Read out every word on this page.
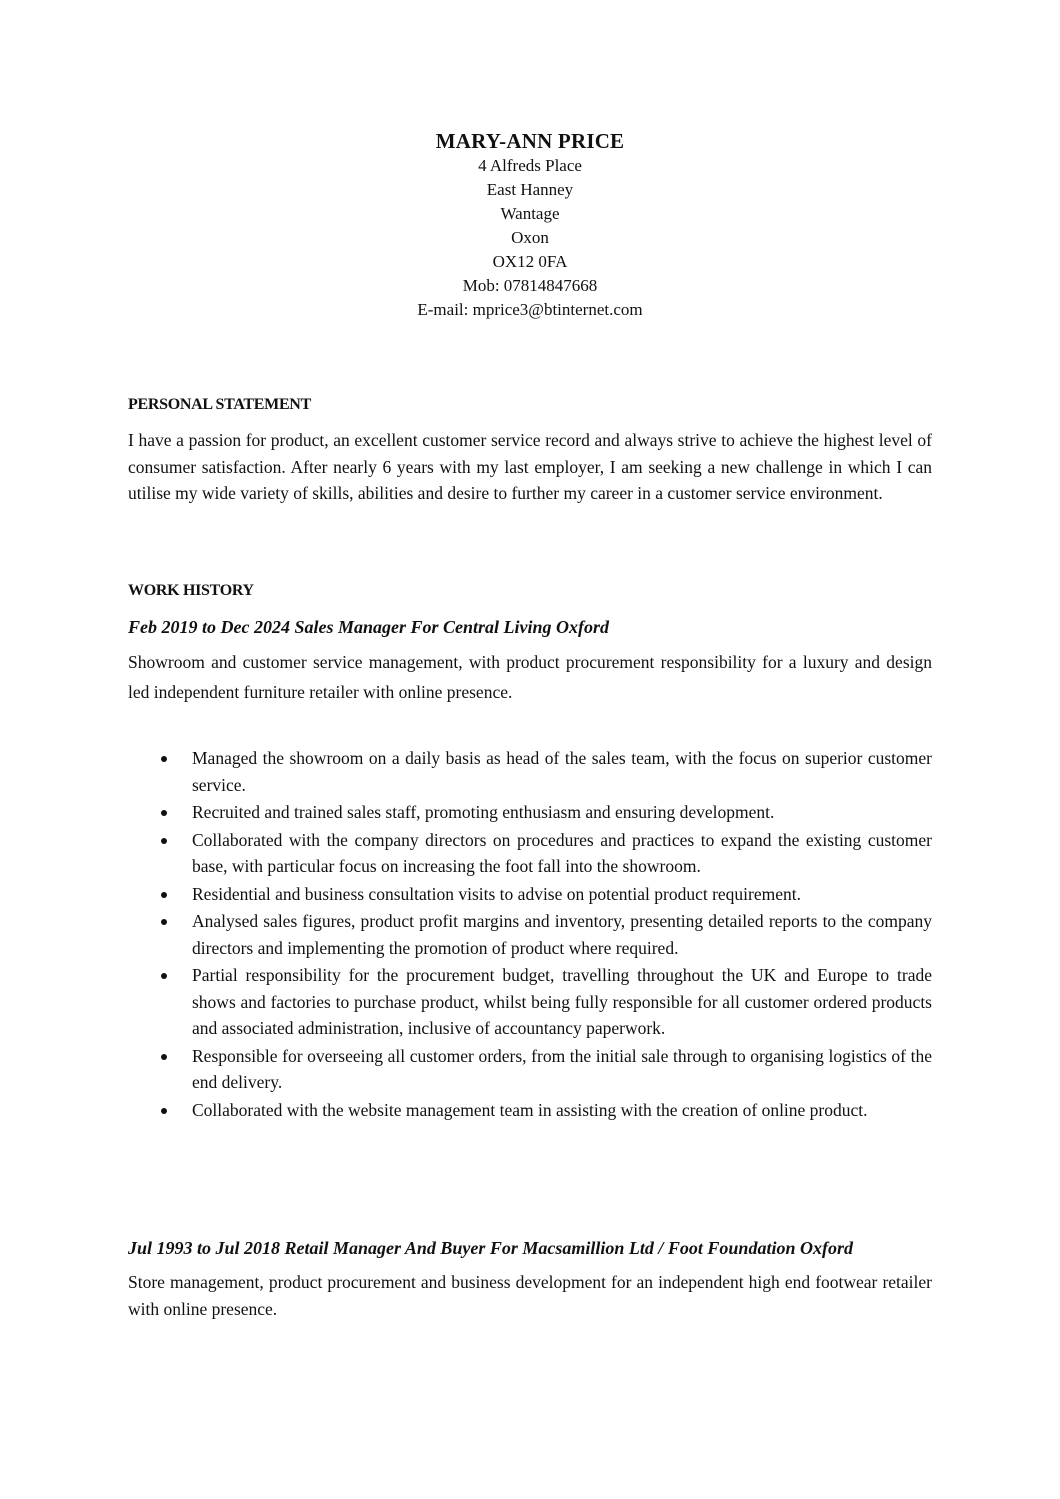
MARY-ANN PRICE
4 Alfreds Place
East Hanney
Wantage
Oxon
OX12 0FA
Mob: 07814847668
E-mail: mprice3@btinternet.com
PERSONAL STATEMENT

I have a passion for product, an excellent customer service record and always strive to achieve the highest level of consumer satisfaction. After nearly 6 years with my last employer, I am seeking a new challenge in which I can utilise my wide variety of skills, abilities and desire to further my career in a customer service environment.

WORK HISTORY
Feb 2019 to Dec 2024 Sales Manager For Central Living Oxford

Showroom and customer service management, with product procurement responsibility for a luxury and design led independent furniture retailer with online presence.

Managed the showroom on a daily basis as head of the sales team, with the focus on superior customer service.
Recruited and trained sales staff, promoting enthusiasm and ensuring development.
Collaborated with the company directors on procedures and practices to expand the existing customer base, with particular focus on increasing the foot fall into the showroom.
Residential and business consultation visits to advise on potential product requirement.
Analysed sales figures, product profit margins and inventory, presenting detailed reports to the company directors and implementing the promotion of product where required.
Partial responsibility for the procurement budget, travelling throughout the UK and Europe to trade shows and factories to purchase product, whilst being fully responsible for all customer ordered products and associated administration, inclusive of accountancy paperwork.
Responsible for overseeing all customer orders, from the initial sale through to organising logistics of the end delivery.
Collaborated with the website management team in assisting with the creation of online product.
Jul 1993 to Jul 2018 Retail Manager And Buyer For Macsamillion Ltd / Foot Foundation Oxford

Store management, product procurement and business development for an independent high end footwear retailer with online presence.
